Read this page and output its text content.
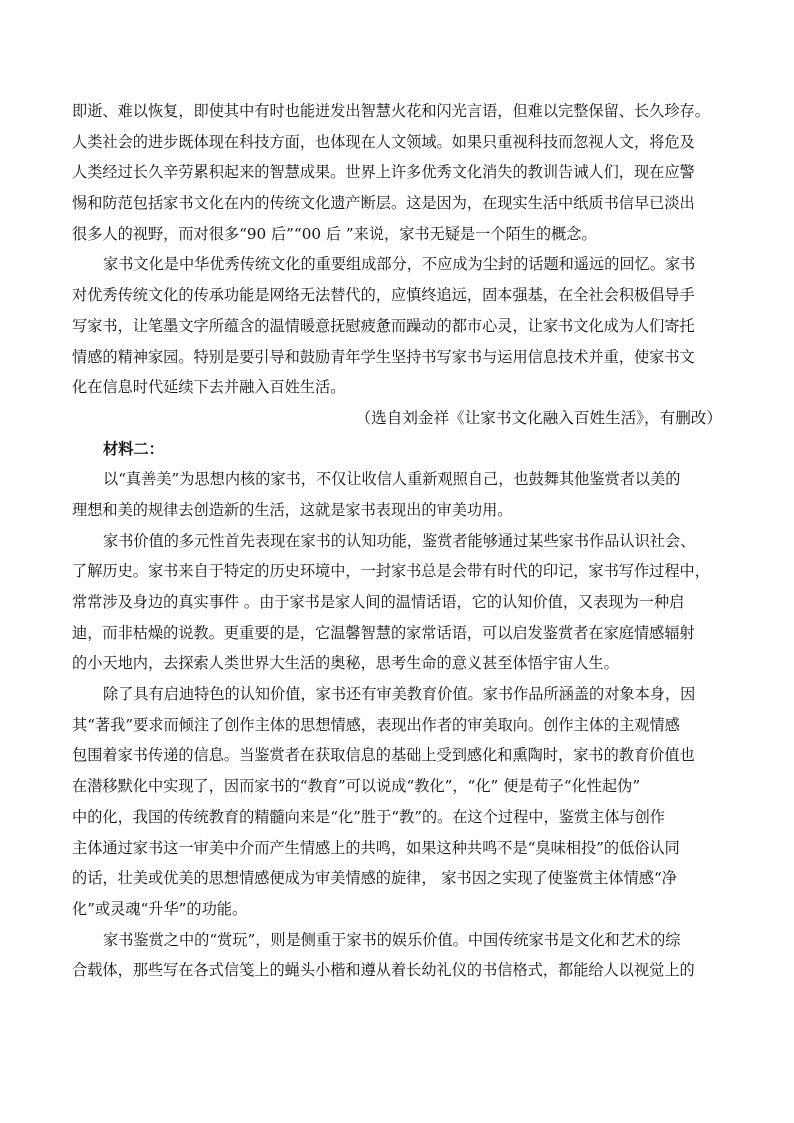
即逝、难以恢复，即使其中有时也能迸发出智慧火花和闪光言语，但难以完整保留、长久珍存。
人类社会的进步既体现在科技方面，也体现在人文领域。如果只重视科技而忽视人文，将危及
人类经过长久辛劳累积起来的智慧成果。世界上许多优秀文化消失的教训告诫人们，现在应警
惕和防范包括家书文化在内的传统文化遗产断层。这是因为，在现实生活中纸质书信早已淡出
很多人的视野，而对很多“90 后”“00 后 ”来说，家书无疑是一个陌生的概念。
家书文化是中华优秀传统文化的重要组成部分，不应成为尘封的话题和遥远的回忆。家书
对优秀传统文化的传承功能是网络无法替代的，应慎终追远，固本强基，在全社会积极倡导手
写家书，让笔墨文字所蕴含的温情暖意抚慰疲惫而躁动的都市心灵，让家书文化成为人们寄托
情感的精神家园。特别是要引导和鼓励青年学生坚持书写家书与运用信息技术并重，使家书文
化在信息时代延续下去并融入百姓生活。
（选自刘金祥《让家书文化融入百姓生活》，有删改）
材料二：
以“真善美”为思想内核的家书，不仅让收信人重新观照自己，也鼓舞其他鉴赏者以美的
理想和美的规律去创造新的生活，这就是家书表现出的审美功用。
家书价值的多元性首先表现在家书的认知功能，鉴赏者能够通过某些家书作品认识社会、
了解历史。家书来自于特定的历史环境中，一封家书总是会带有时代的印记，家书写作过程中，
常常涉及身边的真实事件 。由于家书是家人间的温情话语，它的认知价值，又表现为一种启
迪，而非枯燥的说教。更重要的是，它温馨智慧的家常话语，可以启发鉴赏者在家庭情感辐射
的小天地内，去探索人类世界大生活的奥秘，思考生命的意义甚至体悟宇宙人生。
除了具有启迪特色的认知价值，家书还有审美教育价值。家书作品所涵盖的对象本身，因
其“著我”要求而倾注了创作主体的思想情感，表现出作者的审美取向。创作主体的主观情感
包围着家书传递的信息。当鉴赏者在获取信息的基础上受到感化和熏陶时，家书的教育价值也
在潜移默化中实现了，因而家书的“教育”可以说成“教化”，“化” 便是荀子“化性起伪”
中的化，我国的传统教育的精髓向来是“化”胜于“教”的。在这个过程中，鉴赏主体与创作
主体通过家书这一审美中介而产生情感上的共鸣，如果这种共鸣不是“臭味相投”的低俗认同
的话，壮美或优美的思想情感便成为审美情感的旋律， 家书因之实现了使鉴赏主体情感“净
化”或灵魂“升华”的功能。
家书鉴赏之中的“赏玩”，则是侧重于家书的娱乐价值。中国传统家书是文化和艺术的综
合载体，那些写在各式信笺上的蝇头小楷和遵从着长幼礼仪的书信格式，都能给人以视觉上的
